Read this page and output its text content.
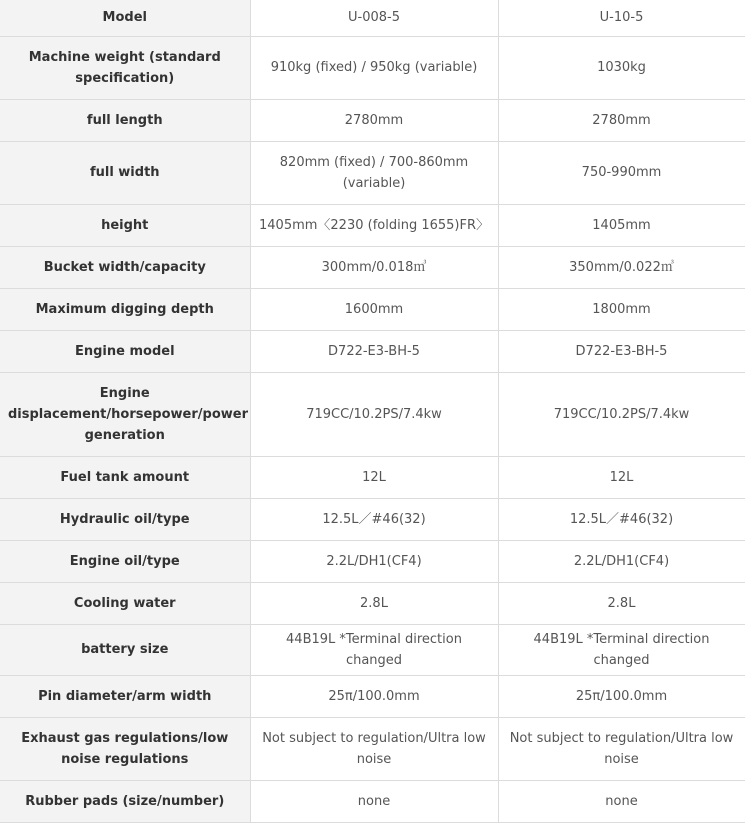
Model	U-008-5	U-10-5
Machine weight (standard specification)	910kg (fixed) / 950kg (variable)	1030kg
full length	2780mm	2780mm
full width	820mm (fixed) / 700-860mm (variable)	750-990mm
height	1405mm〈2230 (folding 1655)FR〉	1405mm
Bucket width/capacity	300mm/0.018㎥	350mm/0.022㎥
Maximum digging depth	1600mm	1800mm
Engine model	D722-E3-BH-5	D722-E3-BH-5
Engine displacement/horsepower/power generation	719CC/10.2PS/7.4kw	719CC/10.2PS/7.4kw
Fuel tank amount	12L	12L
Hydraulic oil/type	12.5L／#46(32)	12.5L／#46(32)
Engine oil/type	2.2L/DH1(CF4)	2.2L/DH1(CF4)
Cooling water	2.8L	2.8L
battery size	44B19L *Terminal direction changed	44B19L *Terminal direction changed
Pin diameter/arm width	25π/100.0mm	25π/100.0mm
Exhaust gas regulations/low noise regulations	Not subject to regulation/Ultra low noise	Not subject to regulation/Ultra low noise
Rubber pads (size/number)	none	none
